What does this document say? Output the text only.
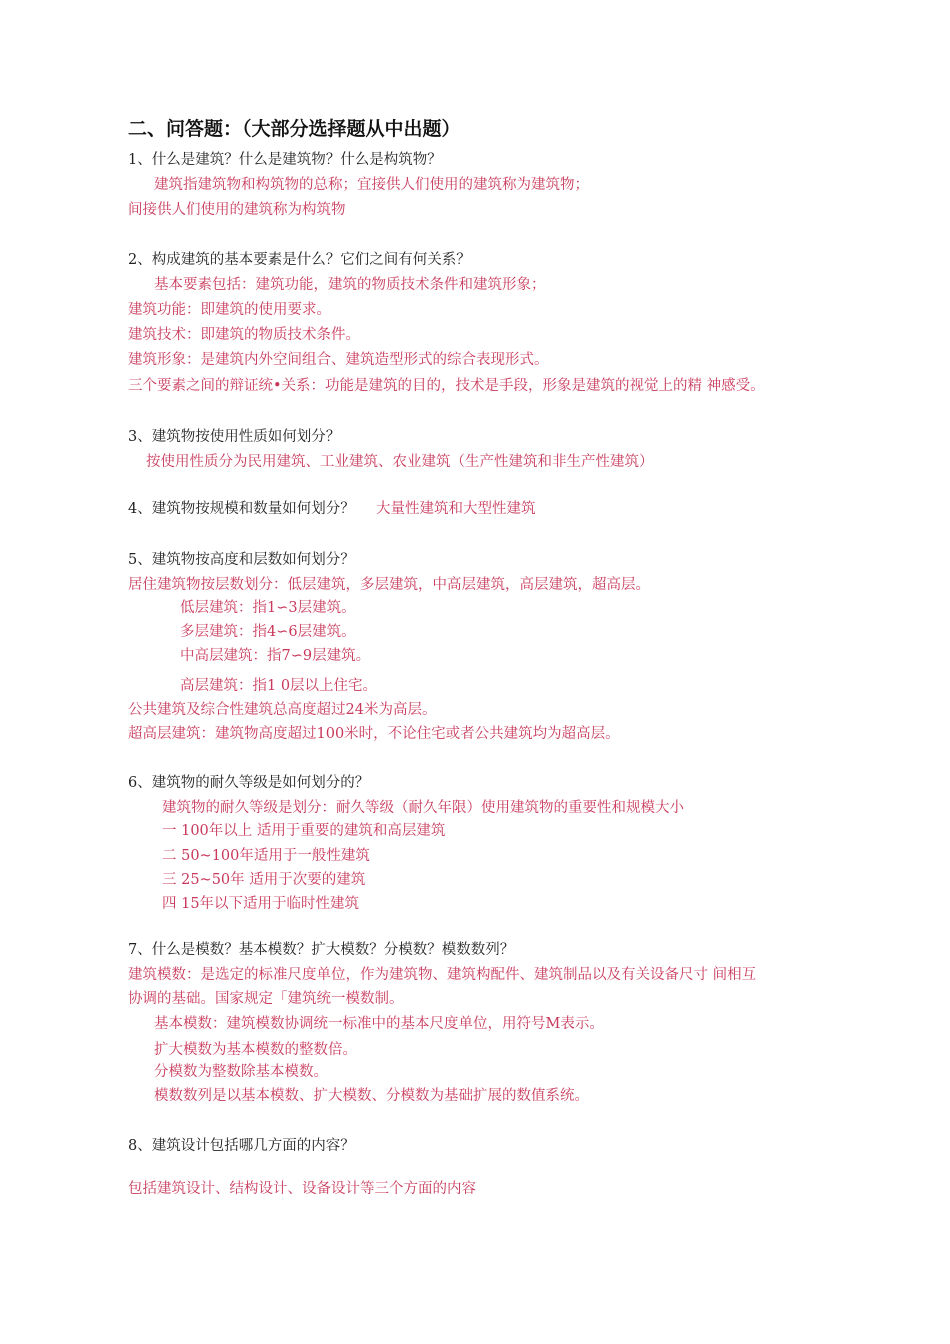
二、问答题：（大部分选择题从中出题）
1、什么是建筑？什么是建筑物？什么是构筑物？
建筑指建筑物和构筑物的总称；宜接供人们使用的建筑称为建筑物；
间接供人们使用的建筑称为构筑物
2、构成建筑的基本要素是什么？它们之间有何关系？
基本要素包括：建筑功能，建筑的物质技术条件和建筑形象；
建筑功能：即建筑的使用要求。
建筑技术：即建筑的物质技术条件。
建筑形象：是建筑内外空间组合、建筑造型形式的综合表现形式。
三个要素之间的辩证统•关系：功能是建筑的目的，技术是手段，形象是建筑的视觉上的精 神感受。
3、建筑物按使用性质如何划分？
按使用性质分为民用建筑、工业建筑、农业建筑（生产性建筑和非生产性建筑）
4、建筑物按规模和数量如何划分？ 大量性建筑和大型性建筑
5、建筑物按高度和层数如何划分？
居住建筑物按层数划分：低层建筑，多层建筑，中高层建筑，高层建筑，超高层。
低层建筑：指1∽3层建筑。
多层建筑：指4∽6层建筑。
中高层建筑：指7∽9层建筑。
高层建筑：指1 0层以上住宅。
公共建筑及综合性建筑总高度超过24米为高层。
超高层建筑：建筑物高度超过100米时，不论住宅或者公共建筑均为超高层。
6、建筑物的耐久等级是如何划分的？
建筑物的耐久等级是划分：耐久等级（耐久年限）使用建筑物的重要性和规模大小
一 100年以上 适用于重要的建筑和高层建筑
二 50~100年适用于一般性建筑
三 25~50年 适用于次要的建筑
四 15年以下适用于临时性建筑
7、什么是模数？基本模数？扩大模数？分模数？模数数列？
建筑模数：是选定的标准尺度单位，作为建筑物、建筑构配件、建筑制品以及有关设备尺寸 间相互
协调的基础。国家规定「建筑统一模数制。
基本模数：建筑模数协调统一标准中的基本尺度单位，用符号M表示。
扩大模数为基本模数的整数倍。
分模数为整数除基本模数。
模数数列是以基本模数、扩大模数、分模数为基础扩展的数值系统。
8、建筑设计包括哪几方面的内容？
包括建筑设计、结构设计、设备设计等三个方面的内容
